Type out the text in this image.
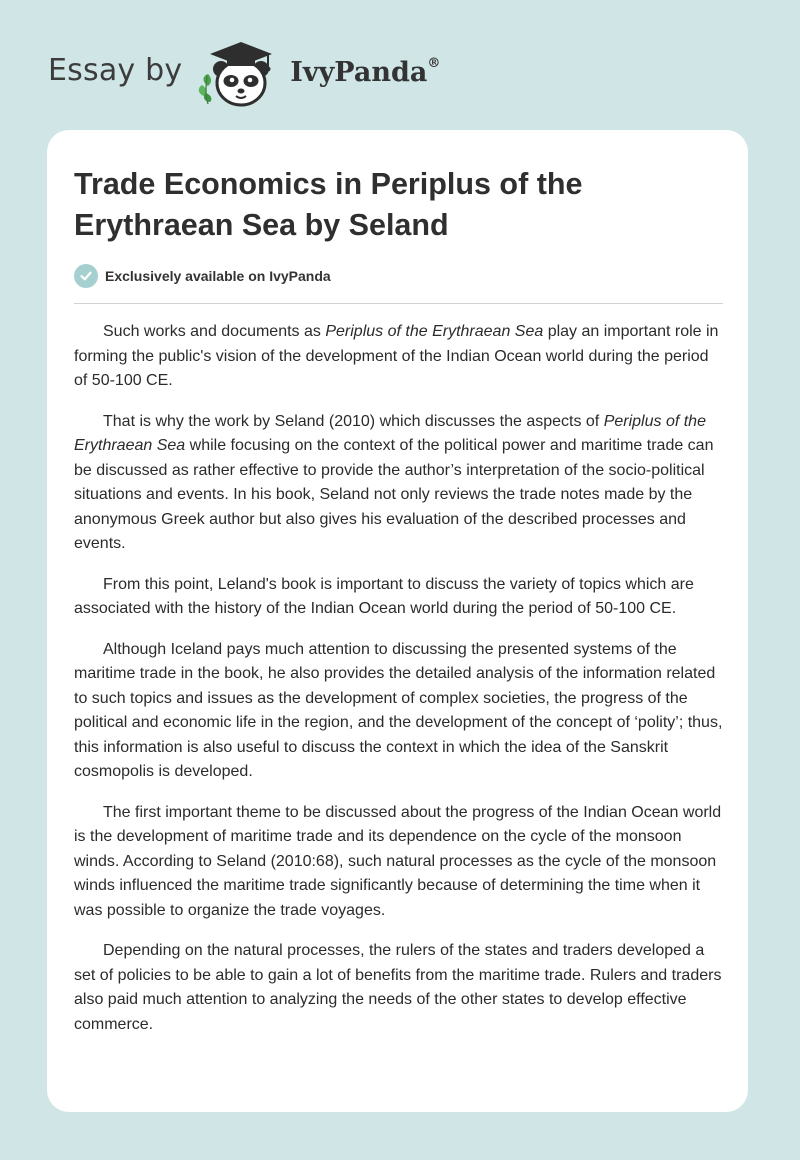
Essay by	IvyPanda®
Trade Economics in Periplus of the Erythraean Sea by Seland
Exclusively available on IvyPanda

Such works and documents as Periplus of the Erythraean Sea play an important role in forming the public's vision of the development of the Indian Ocean world during the period of 50-100 CE.

That is why the work by Seland (2010) which discusses the aspects of Periplus of the Erythraean Sea while focusing on the context of the political power and maritime trade can be discussed as rather effective to provide the author’s interpretation of the socio-political situations and events. In his book, Seland not only reviews the trade notes made by the anonymous Greek author but also gives his evaluation of the described processes and events.

From this point, Leland's book is important to discuss the variety of topics which are associated with the history of the Indian Ocean world during the period of 50-100 CE.

Although Iceland pays much attention to discussing the presented systems of the maritime trade in the book, he also provides the detailed analysis of the information related to such topics and issues as the development of complex societies, the progress of the political and economic life in the region, and the development of the concept of ‘polity’; thus, this information is also useful to discuss the context in which the idea of the Sanskrit cosmopolis is developed.

The first important theme to be discussed about the progress of the Indian Ocean world is the development of maritime trade and its dependence on the cycle of the monsoon winds. According to Seland (2010:68), such natural processes as the cycle of the monsoon winds influenced the maritime trade significantly because of determining the time when it was possible to organize the trade voyages.

Depending on the natural processes, the rulers of the states and traders developed a set of policies to be able to gain a lot of benefits from the maritime trade. Rulers and traders also paid much attention to analyzing the needs of the other states to develop effective commerce.
